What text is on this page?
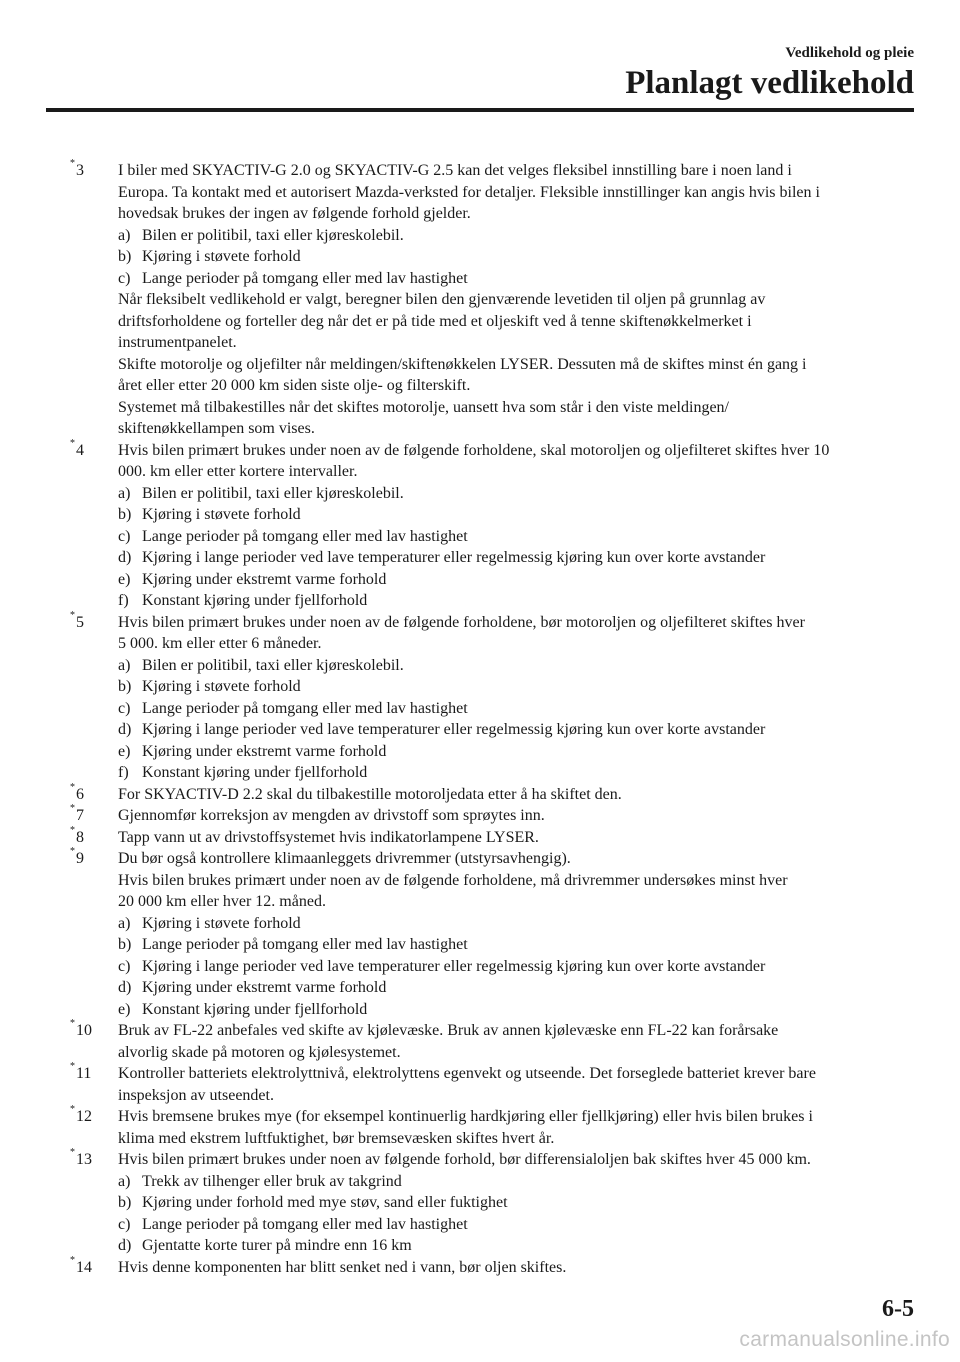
Vedlikehold og pleie
Planlagt vedlikehold
*3 I biler med SKYACTIV-G 2.0 og SKYACTIV-G 2.5 kan det velges fleksibel innstilling bare i noen land i
Europa. Ta kontakt med et autorisert Mazda-verksted for detaljer. Fleksible innstillinger kan angis hvis bilen i
hovedsak brukes der ingen av følgende forhold gjelder.
a) Bilen er politibil, taxi eller kjøreskolebil.
b) Kjøring i støvete forhold
c) Lange perioder på tomgang eller med lav hastighet
Når fleksibelt vedlikehold er valgt, beregner bilen den gjenværende levetiden til oljen på grunnlag av
driftsforholdene og forteller deg når det er på tide med et oljeskift ved å tenne skiftenøkkelmerket i
instrumentpanelet.
Skifte motorolje og oljefilter når meldingen/skiftenøkkelen LYSER. Dessuten må de skiftes minst én gang i
året eller etter 20 000 km siden siste olje- og filterskift.
Systemet må tilbakestilles når det skiftes motorolje, uansett hva som står i den viste meldingen/
skiftenøkkellampen som vises.
*4 Hvis bilen primært brukes under noen av de følgende forholdene, skal motoroljen og oljefilteret skiftes hver 10
000. km eller etter kortere intervaller.
a) Bilen er politibil, taxi eller kjøreskolebil.
b) Kjøring i støvete forhold
c) Lange perioder på tomgang eller med lav hastighet
d) Kjøring i lange perioder ved lave temperaturer eller regelmessig kjøring kun over korte avstander
e) Kjøring under ekstremt varme forhold
f) Konstant kjøring under fjellforhold
*5 Hvis bilen primært brukes under noen av de følgende forholdene, bør motoroljen og oljefilteret skiftes hver
5 000. km eller etter 6 måneder.
a) Bilen er politibil, taxi eller kjøreskolebil.
b) Kjøring i støvete forhold
c) Lange perioder på tomgang eller med lav hastighet
d) Kjøring i lange perioder ved lave temperaturer eller regelmessig kjøring kun over korte avstander
e) Kjøring under ekstremt varme forhold
f) Konstant kjøring under fjellforhold
*6 For SKYACTIV-D 2.2 skal du tilbakestille motoroljedata etter å ha skiftet den.
*7 Gjennomfør korreksjon av mengden av drivstoff som sprøytes inn.
*8 Tapp vann ut av drivstoffsystemet hvis indikatorlampene LYSER.
*9 Du bør også kontrollere klimaanleggets drivremmer (utstyrsavhengig).
Hvis bilen brukes primært under noen av de følgende forholdene, må drivremmer undersøkes minst hver
20 000 km eller hver 12. måned.
a) Kjøring i støvete forhold
b) Lange perioder på tomgang eller med lav hastighet
c) Kjøring i lange perioder ved lave temperaturer eller regelmessig kjøring kun over korte avstander
d) Kjøring under ekstremt varme forhold
e) Konstant kjøring under fjellforhold
*10 Bruk av FL-22 anbefales ved skifte av kjølevæske. Bruk av annen kjølevæske enn FL-22 kan forårsake
alvorlig skade på motoren og kjølesystemet.
*11 Kontroller batteriets elektrolyttnivå, elektrolyttens egenvekt og utseende. Det forseglede batteriet krever bare
inspeksjon av utseendet.
*12 Hvis bremsene brukes mye (for eksempel kontinuerlig hardkjøring eller fjellkjøring) eller hvis bilen brukes i
klima med ekstrem luftfuktighet, bør bremsevæsken skiftes hvert år.
*13 Hvis bilen primært brukes under noen av følgende forhold, bør differensialoljen bak skiftes hver 45 000 km.
a) Trekk av tilhenger eller bruk av takgrind
b) Kjøring under forhold med mye støv, sand eller fuktighet
c) Lange perioder på tomgang eller med lav hastighet
d) Gjentatte korte turer på mindre enn 16 km
*14 Hvis denne komponenten har blitt senket ned i vann, bør oljen skiftes.
6-5
carmanualsonline.info
